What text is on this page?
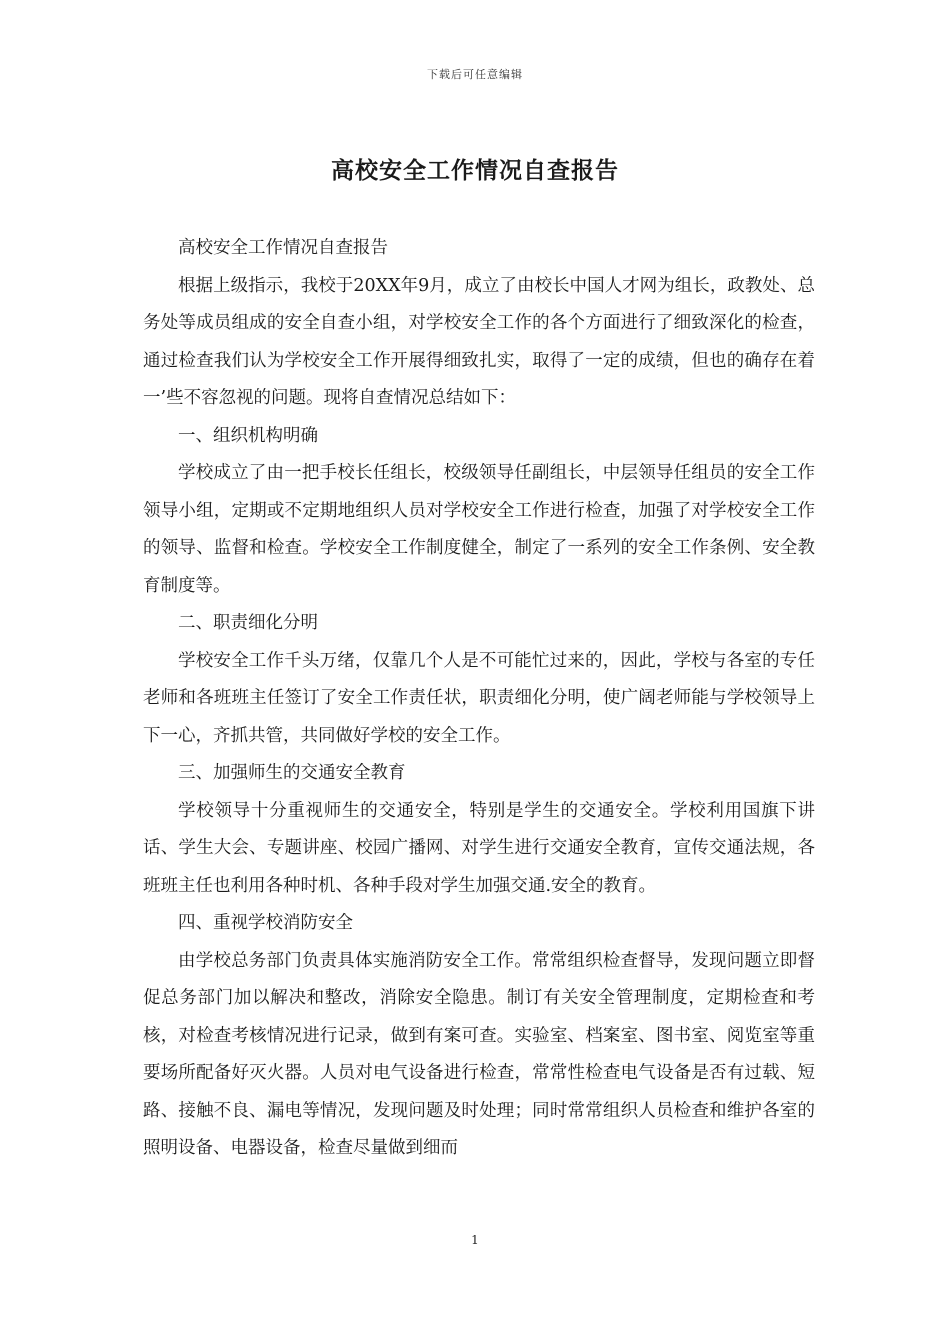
下载后可任意编辑
高校安全工作情况自查报告

高校安全工作情况自查报告

根据上级指示，我校于20XX年9月，成立了由校长中国人才网为组长，政教处、总务处等成员组成的安全自查小组，对学校安全工作的各个方面进行了细致深化的检查，通过检查我们认为学校安全工作开展得细致扎实，取得了一定的成绩，但也的确存在着一’些不容忽视的问题。现将自查情况总结如下：

一、组织机构明确

学校成立了由一把手校长任组长，校级领导任副组长，中层领导任组员的安全工作领导小组，定期或不定期地组织人员对学校安全工作进行检查，加强了对学校安全工作的领导、监督和检查。学校安全工作制度健全，制定了一系列的安全工作条例、安全教育制度等。

二、职责细化分明

学校安全工作千头万绪，仅靠几个人是不可能忙过来的，因此，学校与各室的专任老师和各班班主任签订了安全工作责任状，职责细化分明，使广阔老师能与学校领导上下一心，齐抓共管，共同做好学校的安全工作。

三、加强师生的交通安全教育

学校领导十分重视师生的交通安全，特别是学生的交通安全。学校利用国旗下讲话、学生大会、专题讲座、校园广播网、对学生进行交通安全教育，宣传交通法规，各班班主任也利用各种时机、各种手段对学生加强交通.安全的教育。

四、重视学校消防安全

由学校总务部门负责具体实施消防安全工作。常常组织检查督导，发现问题立即督促总务部门加以解决和整改，消除安全隐患。制订有关安全管理制度，定期检查和考核，对检查考核情况进行记录，做到有案可查。实验室、档案室、图书室、阅览室等重要场所配备好灭火器。人员对电气设备进行检查，常常性检查电气设备是否有过载、短路、接触不良、漏电等情况，发现问题及时处理；同时常常组织人员检查和维护各室的照明设备、电器设备，检查尽量做到细而

1
